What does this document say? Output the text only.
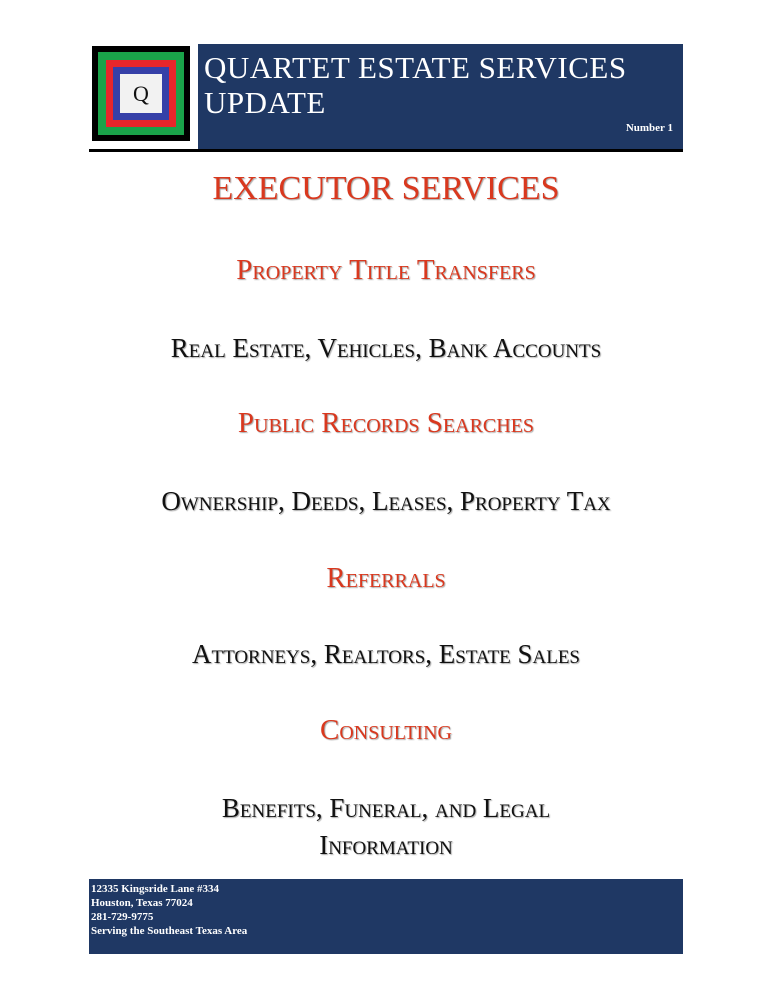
Q
QUARTET ESTATE SERVICES
UPDATE
Number 1
EXECUTOR SERVICES
Property Title Transfers

Real Estate, Vehicles, Bank Accounts

Public Records Searches

Ownership, Deeds, Leases, Property Tax

Referrals

Attorneys, Realtors, Estate Sales

Consulting

Benefits, Funeral, and Legal

Information

12335 Kingsride Lane #334

Houston, Texas 77024

281-729-9775

Serving the Southeast Texas Area
